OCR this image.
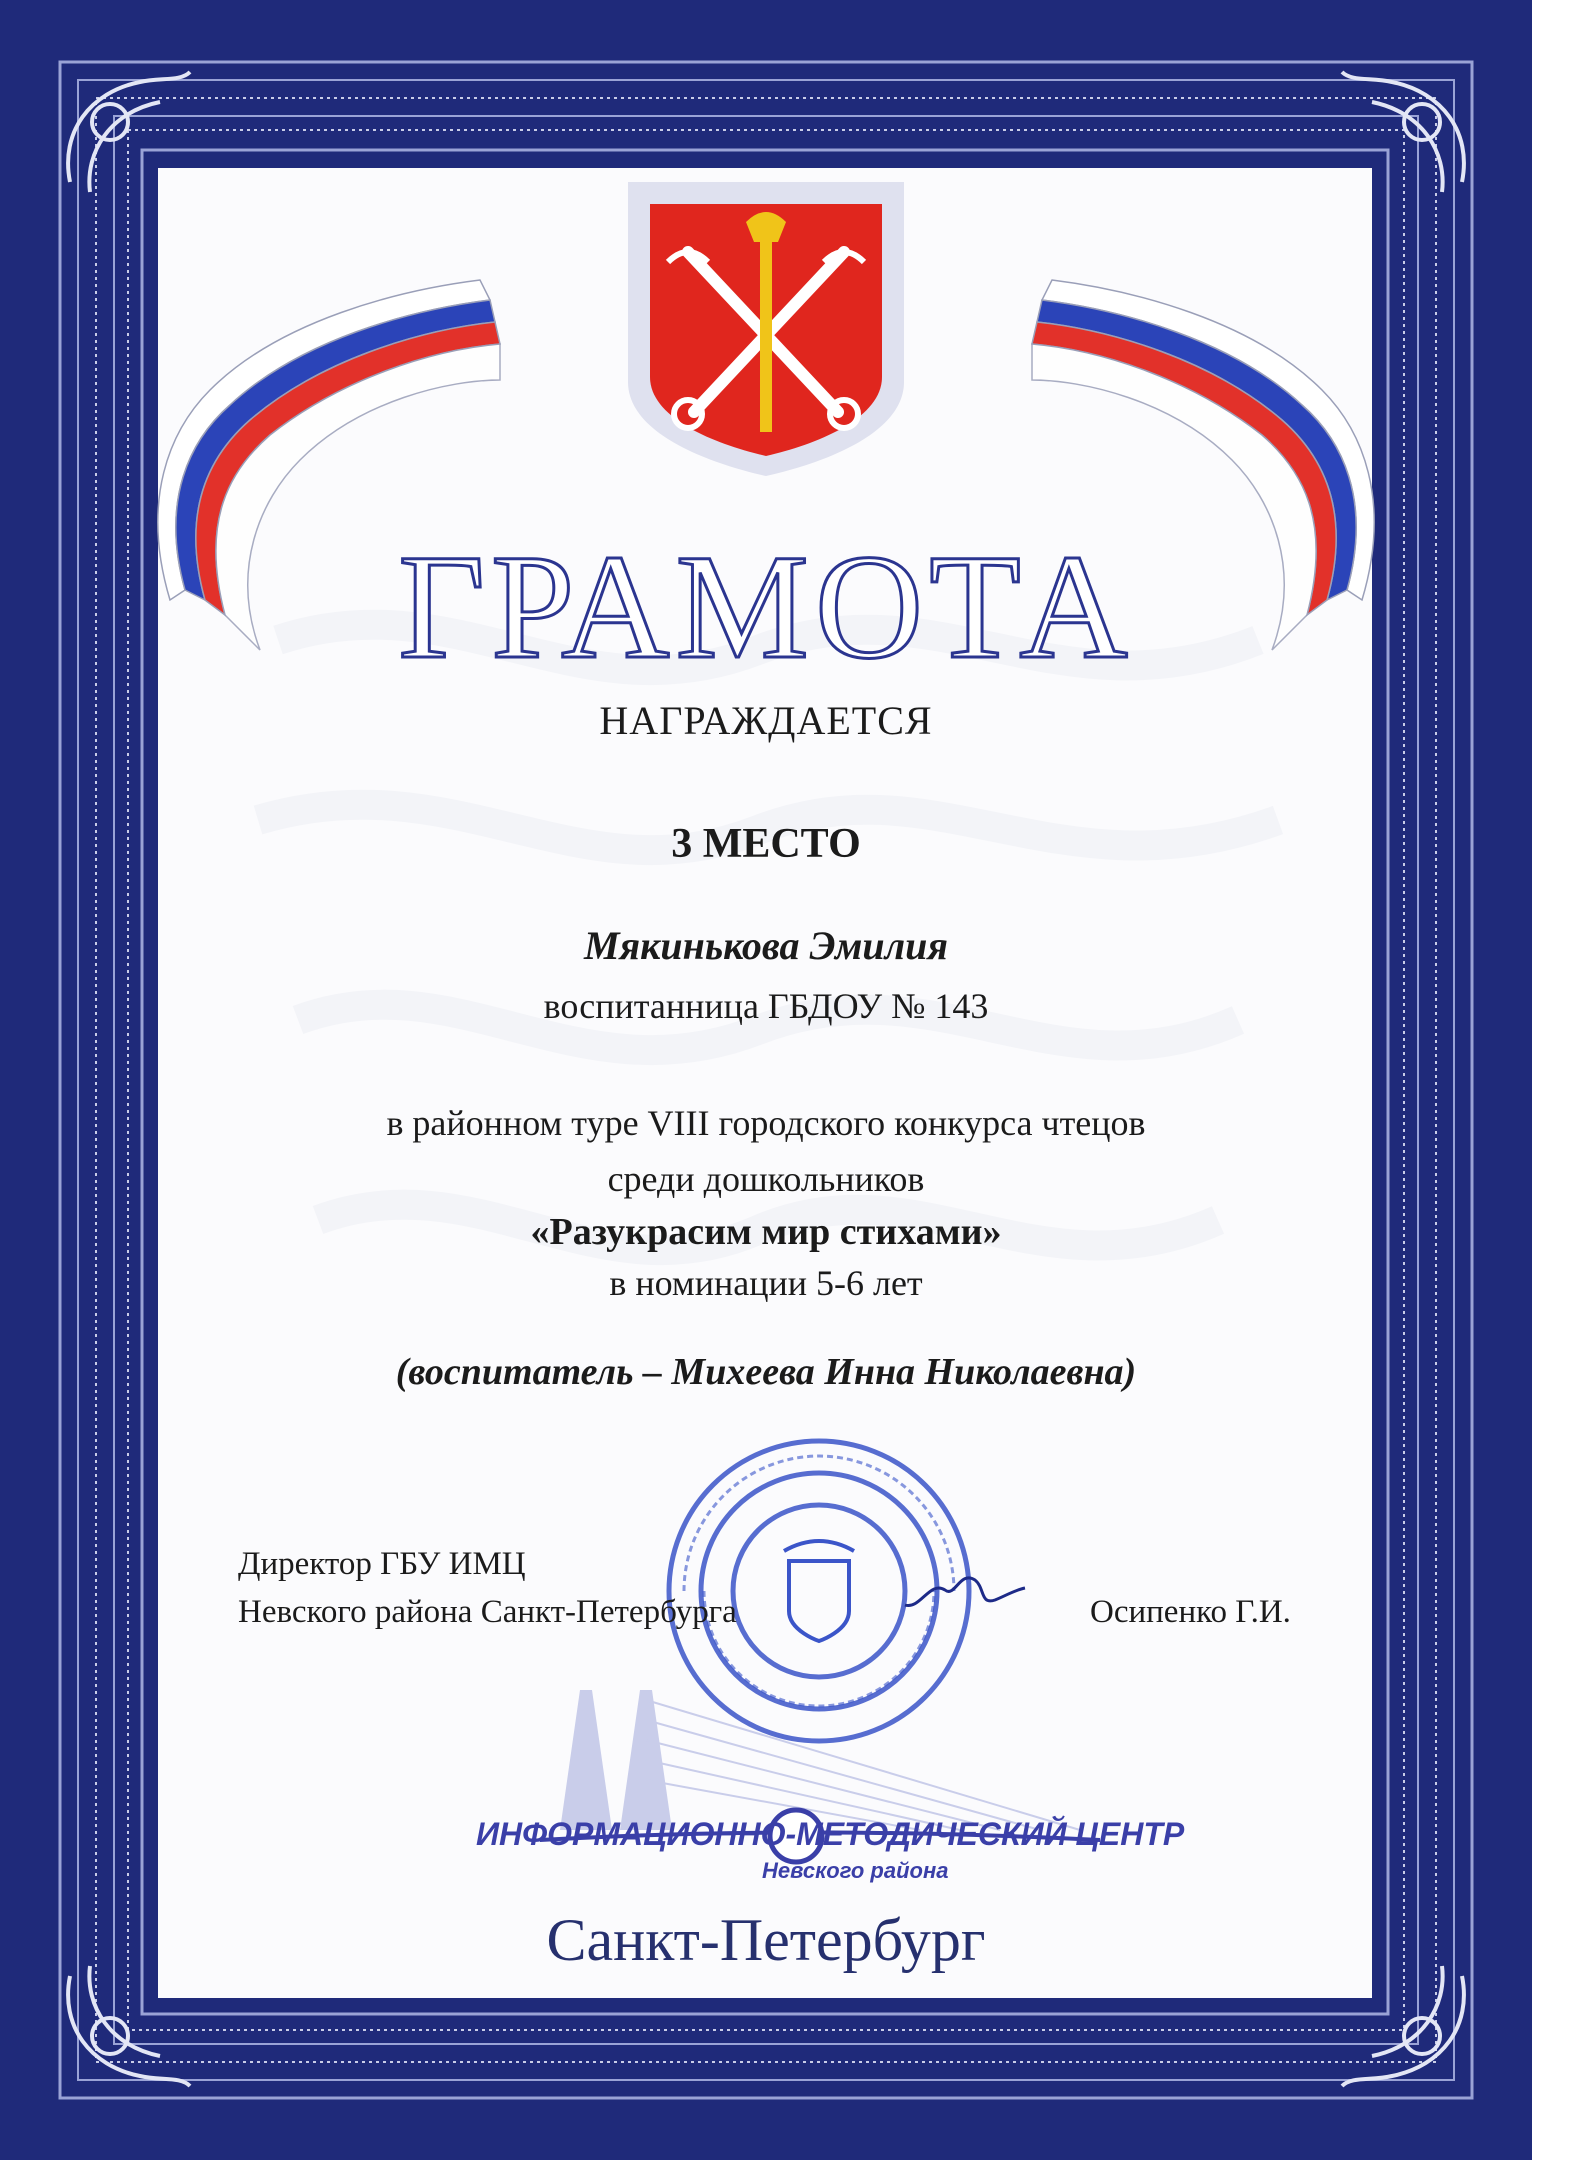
ГРАМОТА
НАГРАЖДАЕТСЯ
3 МЕСТО
Мякинькова Эмилия
воспитанница ГБДОУ № 143
в районном туре VIII городского конкурса чтецов
среди дошкольников
«Разукрасим мир стихами»
в номинации 5-6 лет
(воспитатель – Михеева Инна Николаевна)
Директор ГБУ ИМЦ
Невского района Санкт-Петербурга	Осипенко Г.И.
ИНФОРМАЦИОННО-МЕТОДИЧЕСКИЙ ЦЕНТР
Невского района
Санкт-Петербург
